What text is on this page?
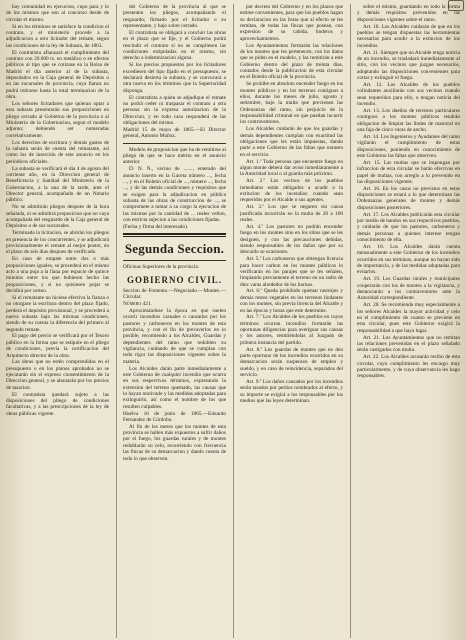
hay comunidad en ejecucion, cupo para y lo de los mismos que son al concurso desde de circular el mismo.

Si en los términos se satisface la condicion el contrato, y el ministerio procede a la adjudicacion a otro licitador del remate, segun las condiciones de la ley de Subasta, de 1863.

El contratista afianzará el cumplimiento del contrato con 20.000 rs. en metálico o en efectos públicos al tipo que se cotizase en la Bolsa de Madrid el dia anterior al de la subasta, depositados en la Caja general de Depósitos o en las sucursales de provincia, cuya fianza no podrá retirarse hasta la total terminacion de la obra.

Los señores licitadores que quieran optar a esta subasta presentarán sus proposiciones en pliego cerrado al Gobierno de la provincia o al Ministerio de la Gobernacion, segun el modelo adjunto; debiendo ser numeradas correlativamente.

Los derechos de escritura y demás gastos de la subasta serán de cuenta del rematante, así como los de inserción de este anuncio en los periódicos oficiales.

La subasta se verificará el dia 4 de agosto del corriente año, en la Direccion general de Beneficencia y Sanidad del Ministerio de la Gobernacion, a la una de la tarde, ante el Director general, acompañado de un Notario público.

No se admitirán pliegos despues de la hora señalada, ni se admitirá proposicion que no vaya acompañada del resguardo de la Caja general de Depósitos o de sus sucursales.

Terminada la licitacion, se abrirán los pliegos en presencia de los concurrentes, y se adjudicará provisionalmente el remate al mejor postor, en el plazo de seis dias despues de verificado.

En caso de empate entre dos o más proposiciones iguales, se procederá en el mismo acto a una puja a la llana por espacio de quince minutos entre los que hubiesen hecho las proposiciones, y si no quisiesen pujar se decidirá por sorteo.

Si el rematante no hiciese efectiva la fianza o no otorgase la escritura dentro del plazo fijado, perderá el depósito provisional, y se procederá a nueva subasta bajo las mismas condiciones, siendo de su cuenta la diferencia del primero al segundo remate.

El pago del precio se verificará por el Tesoro público en la forma que se estipule en el pliego de condiciones, previa la certificacion del Arquitecto director de la obra.

Las obras que no estén comprendidas en el presupuesto o en los planos aprobados no se ejecutarán sin el expreso consentimiento de la Direccion general, y se abonarán por los precios de tasacion.

El contratista quedará sujeto a las disposiciones del pliego de condiciones facultativas, y a las prescripciones de la ley de obras públicas vigente.

del Gobierno de la provincia al que se presenten los pliegos, acompañando el resguardo; firmado por el licitador o su representante, y bajo sobre cerrado.

El contratista se obligará a concluir las obras en el plazo que se fije, y el Gobierno podrá rescindir el contrato si no se cumpliesen las condiciones estipuladas en el mismo, sin derecho a indemnizacion alguna.

Si los precios propuestos por los licitadores excediesen del tipo fijado en el presupuesto, se declarará desierta la subasta, y se convocará a otra nueva en los términos que la Superioridad disponga.

El contratista a quien se adjudique el remate no podrá ceder ni traspasar el contrato a otra persona sin la expresa autorizacion de la Direccion, y en todo caso responderá de las obligaciones del mismo.

Madrid 15 de mayo de 1865.—El Director general, Antonio Muñoz.

Modelo de proposicion que ha de remitirse al pliego de que se hace mérito en el anuncio anterior.

D. N. N., vecino de ......., enterado del anuncio inserto en la Gaceta número ..., fecha ..., y en el Boletin oficial de ..., número ..., fecha ..., y de las demás condiciones y requisitos que se exigen para la adjudicacion en pública subasta de las obras de construccion de ..., se compromete a tomar a su cargo la ejecucion de las mismas por la cantidad de ... reales vellon, con estricta sujecion a las condiciones fijadas.

(Fecha y firma del interesado).

Segunda Seccion.

Oficinas Superiores de la provincia.

GOBIERNO CIVIL.

Seccion de Fomento.—Negociado.—Montes.—Circular.

Número 421.

Aproximándose la época en que suelen ocurrir incendios casuales o causados por los pastores y carboneros en los montes de esta provincia, y con el fin de precaverlos en lo posible, recomiendo a los Alcaldes, Guardas y dependientes del ramo que redoblen su vigilancia, cuidando de que se cumplan con todo rigor las disposiciones vigentes sobre la materia.

Los Alcaldes darán parte inmediatamente a este Gobierno de cualquier incendio que ocurra en sus respectivos términos, expresando la extension del terreno quemado, las causas que lo hayan motivado y las medidas adoptadas para extinguirlo, así como el nombre de los que resulten culpables.

Huelva 16 de junio de 1865.—Eduardo Fernandez de Córdoba.

Al fin de los meses que los montes de esta provincia se hallen más expuestos a sufrir daños por el fuego, los guardas rurales y de montes redoblarán su celo, recorriendo con frecuencia las fincas de su demarcacion y dando cuenta de todo lo que observen.

por decreto del Gobierno y en los plazos que estime convenientes, para que los pueblos hagan su declaracion en las listas que al efecto se les remitan, de todas las fincas que posean, con expresion de su cabida, linderos y aprovechamientos.

Los Ayuntamientos formarán las relaciones de los montes que les pertenecen, con los datos que se piden en el modelo, y las remitirán a este Gobierno dentro del plazo de treinta dias, contados desde la publicacion de esta circular en el Boletin oficial de la provincia.

Se prohibe en absoluto encender fuego en los montes públicos y en los terrenos contiguos a ellos, durante los meses de julio, agosto y setiembre, bajo la multa que previenen las Ordenanzas del ramo, sin perjuicio de la responsabilidad criminal en que puedan incurrir los contraventores.

Los Alcaldes cuidarán de que los guardas y demás dependientes cumplan con exactitud las obligaciones que les están impuestas, dando parte a este Gobierno de las faltas que notasen en el servicio.

Art. 1.º Toda persona que encuentre fuego en algun monte deberá dar aviso inmediatamente a la Autoridad local o al guarda más próximo.

Art. 2.º Los vecinos de los pueblos inmediatos están obligados a acudir a la extincion de los incendios cuando sean requeridos por el Alcalde o sus agentes.

Art. 3.º Los que se negaren sin causa justificada incurrirán en la multa de 20 a 100 reales.

Art. 4.º Los pastores no podrán encender fuego en los montes sino en los sitios que se les designen, y con las precauciones debidas, siendo responsables de los daños que por su descuido se ocasionen.

Art. 5.º Los carboneros que obtengan licencia para hacer carbon en los montes públicos lo verificarán en los parajes que se les señalen, limpiando previamente el terreno en un radio de diez varas alrededor de los hornos.

Art. 6.º Queda prohibido quemar rastrojos y demás restos vegetales en los terrenos lindantes con los montes, sin previa licencia del Alcalde y en las épocas y horas que este determine.

Art. 7.º Los Alcaldes de los pueblos en cuyos términos ocurran incendios formarán las oportunas diligencias para averiguar sus causas y los autores, remitiéndolas al Juzgado de primera instancia del partido.

Art. 8.º Los guardas de montes que no den parte oportuno de los incendios ocurridos en su demarcacion serán suspensos de empleo y sueldo, y en caso de reincidencia, separados del servicio.

Art. 9.º Los daños causados por los incendios serán tasados por peritos nombrados al efecto, y su importe se exigirá a los responsables por los medios que las leyes determinan.

sobre el mismo, guardando en todo la forma y demás requisitos prevenidos en las disposiciones vigentes sobre el ramo.

Art. 10. Los Alcaldes cuidarán de que en los pueblos se tengan dispuestas las herramientas necesarias para acudir a la extincion de los incendios.

Art. 11. Siempre que un Alcalde tenga noticia de un incendio, se trasladará inmediatamente al sitio, con los vecinos que juzgue necesarios, adoptando las disposiciones convenientes para cortar y extinguir el fuego.

Art. 12. Los Alcaldes de los pueblos colindantes auxiliarán con sus vecinos cuando sean requeridos para ello, o tengan noticia del incendio.

Art. 13. Los dueños de terrenos particulares contiguos a los montes públicos tendrán obligacion de limpiar las lindes de matorral en una faja de cinco varas de ancho.

Art. 14. Los Ingenieros y Ayudantes del ramo vigilarán el cumplimiento de estas disposiciones, poniendo en conocimiento de este Gobierno las faltas que observen.

Art. 15. Las multas que se impongan por infraccion de esta circular se harán efectivas en papel de multas, con arreglo a lo prevenido en las disposiciones vigentes.

Art. 16. En los casos no previstos en estas disposiciones se estará a lo que determinan las Ordenanzas generales de montes y demás disposiciones posteriores.

Art. 17. Los Alcaldes publicarán esta circular por medio de bandos en sus respectivos pueblos, y cuidarán de que los pastores, carboneros y demás personas a quienes interese tengan conocimiento de ella.

Art. 18. Los Alcaldes darán cuenta mensualmente a este Gobierno de los incendios ocurridos en sus términos, aunque no hayan sido de importancia, y de las medidas adoptadas para evitarlos.

Art. 19. Los Guardas rurales y municipales cooperarán con los de montes a la vigilancia, y denunciarán a los contraventores ante la Autoridad correspondiente.

Art. 20. Se recomienda muy especialmente a los señores Alcaldes la mayor actividad y celo en el cumplimiento de cuanto se previene en esta circular, pues este Gobierno exigirá la responsabilidad a que haya lugar.

Art. 21. Los Ayuntamientos que no remitan las relaciones prevenidas en el plazo señalado serán castigados con multa.

Art. 22. Los Alcaldes acusarán recibo de esta circular, cuyo cumplimiento les encargo muy particularmente, y de cuya observancia les hago responsables.
